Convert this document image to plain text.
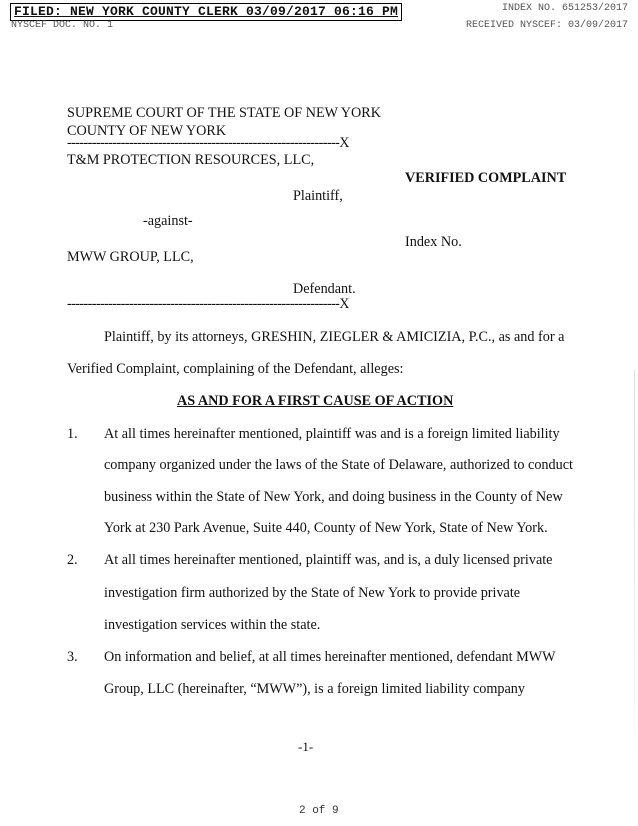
FILED: NEW YORK COUNTY CLERK 03/09/2017 06:16 PM	INDEX NO. 651253/2017
NYSCEF DOC. NO. 1	RECEIVED NYSCEF: 03/09/2017
SUPREME COURT OF THE STATE OF NEW YORK
COUNTY OF NEW YORK
------------------------------------------------------------------X
T&M PROTECTION RESOURCES, LLC,
VERIFIED COMPLAINT
Plaintiff,
-against-
Index No.
MWW GROUP, LLC,
Defendant.
------------------------------------------------------------------X
Plaintiff, by its attorneys, GRESHIN, ZIEGLER & AMICIZIA, P.C., as and for a
Verified Complaint, complaining of the Defendant, alleges:
AS AND FOR A FIRST CAUSE OF ACTION
1. At all times hereinafter mentioned, plaintiff was and is a foreign limited liability
company organized under the laws of the State of Delaware, authorized to conduct
business within the State of New York, and doing business in the County of New
York at 230 Park Avenue, Suite 440, County of New York, State of New York.
2. At all times hereinafter mentioned, plaintiff was, and is, a duly licensed private
investigation firm authorized by the State of New York to provide private
investigation services within the state.
3. On information and belief, at all times hereinafter mentioned, defendant MWW
Group, LLC (hereinafter, “MWW”), is a foreign limited liability company
-1-
2 of 9
